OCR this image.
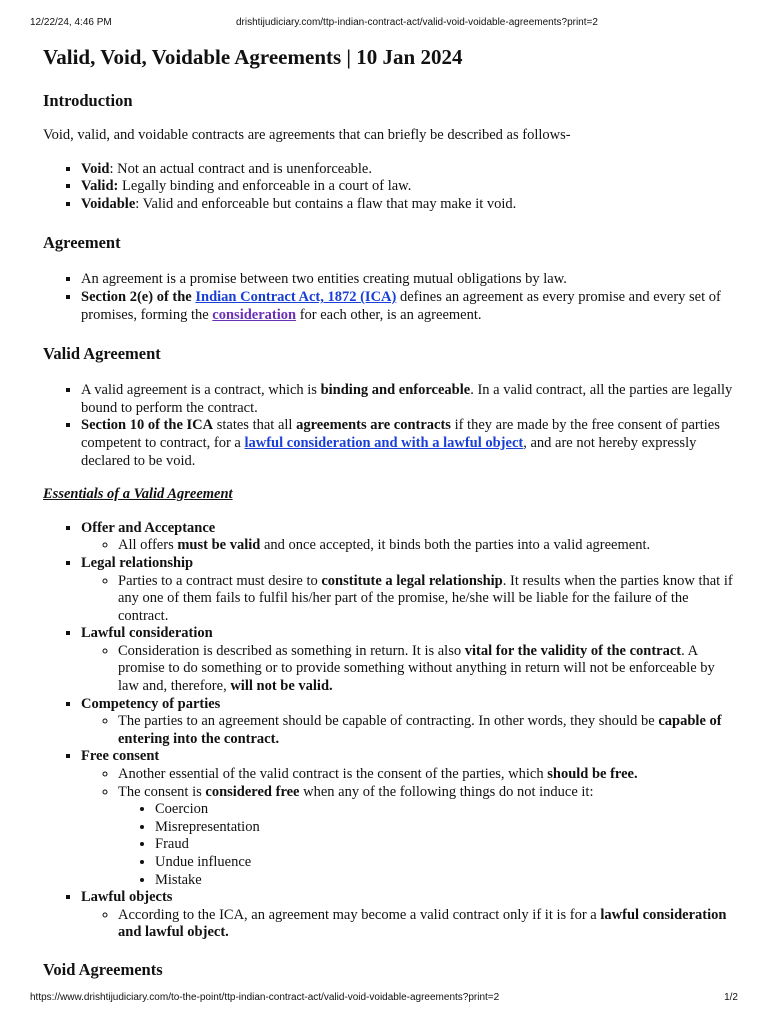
12/22/24, 4:46 PM	drishtijudiciary.com/ttp-indian-contract-act/valid-void-voidable-agreements?print=2
Valid, Void, Voidable Agreements | 10 Jan 2024
Introduction

Void, valid, and voidable contracts are agreements that can briefly be described as follows-

▪ Void: Not an actual contract and is unenforceable.
▪ Valid: Legally binding and enforceable in a court of law.
▪ Voidable: Valid and enforceable but contains a flaw that may make it void.
Agreement
▪ An agreement is a promise between two entities creating mutual obligations by law.
▪ Section 2(e) of the Indian Contract Act, 1872 (ICA) defines an agreement as every promise and every set of promises, forming the consideration for each other, is an agreement.
Valid Agreement
▪ A valid agreement is a contract, which is binding and enforceable. In a valid contract, all the parties are legally bound to perform the contract.
▪ Section 10 of the ICA states that all agreements are contracts if they are made by the free consent of parties competent to contract, for a lawful consideration and with a lawful object, and are not hereby expressly declared to be void.

Essentials of a Valid Agreement

▪ Offer and Acceptance
◦ All offers must be valid and once accepted, it binds both the parties into a valid agreement.
▪ Legal relationship
◦ Parties to a contract must desire to constitute a legal relationship. It results when the parties know that if any one of them fails to fulfil his/her part of the promise, he/she will be liable for the failure of the contract.
▪ Lawful consideration
◦ Consideration is described as something in return. It is also vital for the validity of the contract. A promise to do something or to provide something without anything in return will not be enforceable by law and, therefore, will not be valid.
▪ Competency of parties
◦ The parties to an agreement should be capable of contracting. In other words, they should be capable of entering into the contract.
▪ Free consent
◦ Another essential of the valid contract is the consent of the parties, which should be free.
◦ The consent is considered free when any of the following things do not induce it:
• Coercion
• Misrepresentation
• Fraud
• Undue influence
• Mistake
▪ Lawful objects
◦ According to the ICA, an agreement may become a valid contract only if it is for a lawful consideration and lawful object.
Void Agreements
https://www.drishtijudiciary.com/to-the-point/ttp-indian-contract-act/valid-void-voidable-agreements?print=2	1/2
